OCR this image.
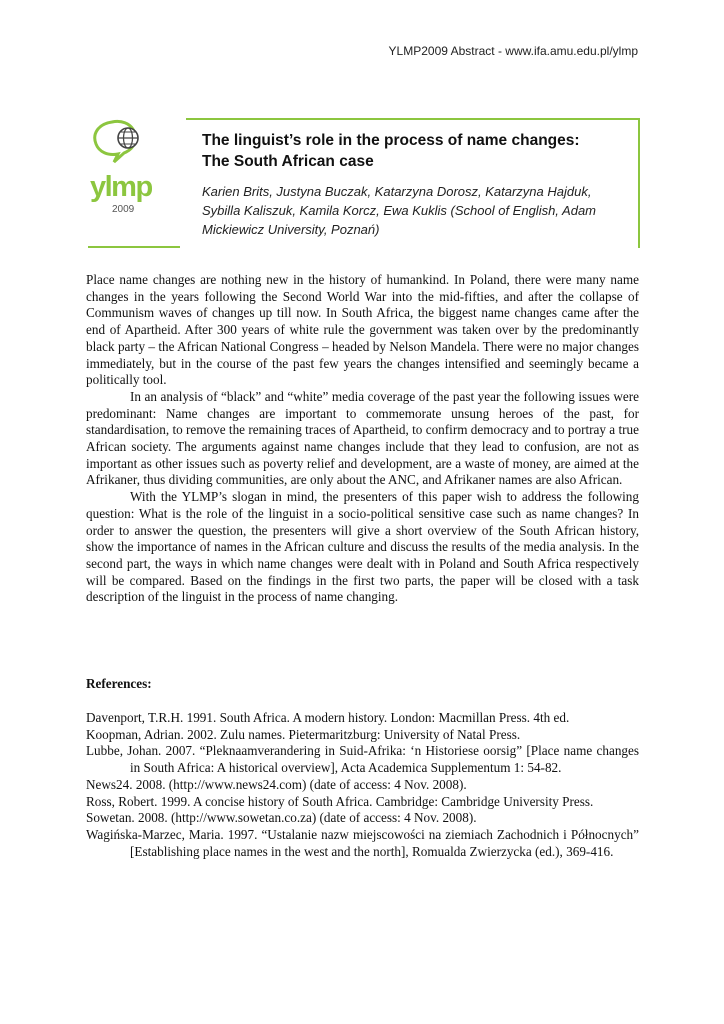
YLMP2009 Abstract - www.ifa.amu.edu.pl/ylmp
ylmp
2009
The linguist’s role in the process of name changes:
The South African case

Karien Brits, Justyna Buczak, Katarzyna Dorosz, Katarzyna Hajduk, Sybilla Kaliszuk, Kamila Korcz, Ewa Kuklis (School of English, Adam Mickiewicz University, Poznań)

Place name changes are nothing new in the history of humankind. In Poland, there were many name changes in the years following the Second World War into the mid-fifties, and after the collapse of Communism waves of changes up till now. In South Africa, the biggest name changes came after the end of Apartheid. After 300 years of white rule the government was taken over by the predominantly black party – the African National Congress – headed by Nelson Mandela. There were no major changes immediately, but in the course of the past few years the changes intensified and seemingly became a politically tool.

In an analysis of “black” and “white” media coverage of the past year the following issues were predominant: Name changes are important to commemorate unsung heroes of the past, for standardisation, to remove the remaining traces of Apartheid, to confirm democracy and to portray a true African society. The arguments against name changes include that they lead to confusion, are not as important as other issues such as poverty relief and development, are a waste of money, are aimed at the Afrikaner, thus dividing communities, are only about the ANC, and Afrikaner names are also African.

With the YLMP’s slogan in mind, the presenters of this paper wish to address the following question: What is the role of the linguist in a socio-political sensitive case such as name changes? In order to answer the question, the presenters will give a short overview of the South African history, show the importance of names in the African culture and discuss the results of the media analysis. In the second part, the ways in which name changes were dealt with in Poland and South Africa respectively will be compared. Based on the findings in the first two parts, the paper will be closed with a task description of the linguist in the process of name changing.

References:
Davenport, T.R.H. 1991. South Africa. A modern history. London: Macmillan Press. 4th ed.
Koopman, Adrian. 2002. Zulu names. Pietermaritzburg: University of Natal Press.
Lubbe, Johan. 2007. “Pleknaamverandering in Suid-Afrika: ‘n Historiese oorsig” [Place name changes in South Africa: A historical overview], Acta Academica Supplementum 1: 54-82.
News24. 2008. (http://www.news24.com) (date of access: 4 Nov. 2008).
Ross, Robert. 1999. A concise history of South Africa. Cambridge: Cambridge University Press.
Sowetan. 2008. (http://www.sowetan.co.za) (date of access: 4 Nov. 2008).
Wagińska-Marzec, Maria. 1997. “Ustalanie nazw miejscowości na ziemiach Zachodnich i Północnych” [Establishing place names in the west and the north], Romualda Zwierzycka (ed.), 369-416.
